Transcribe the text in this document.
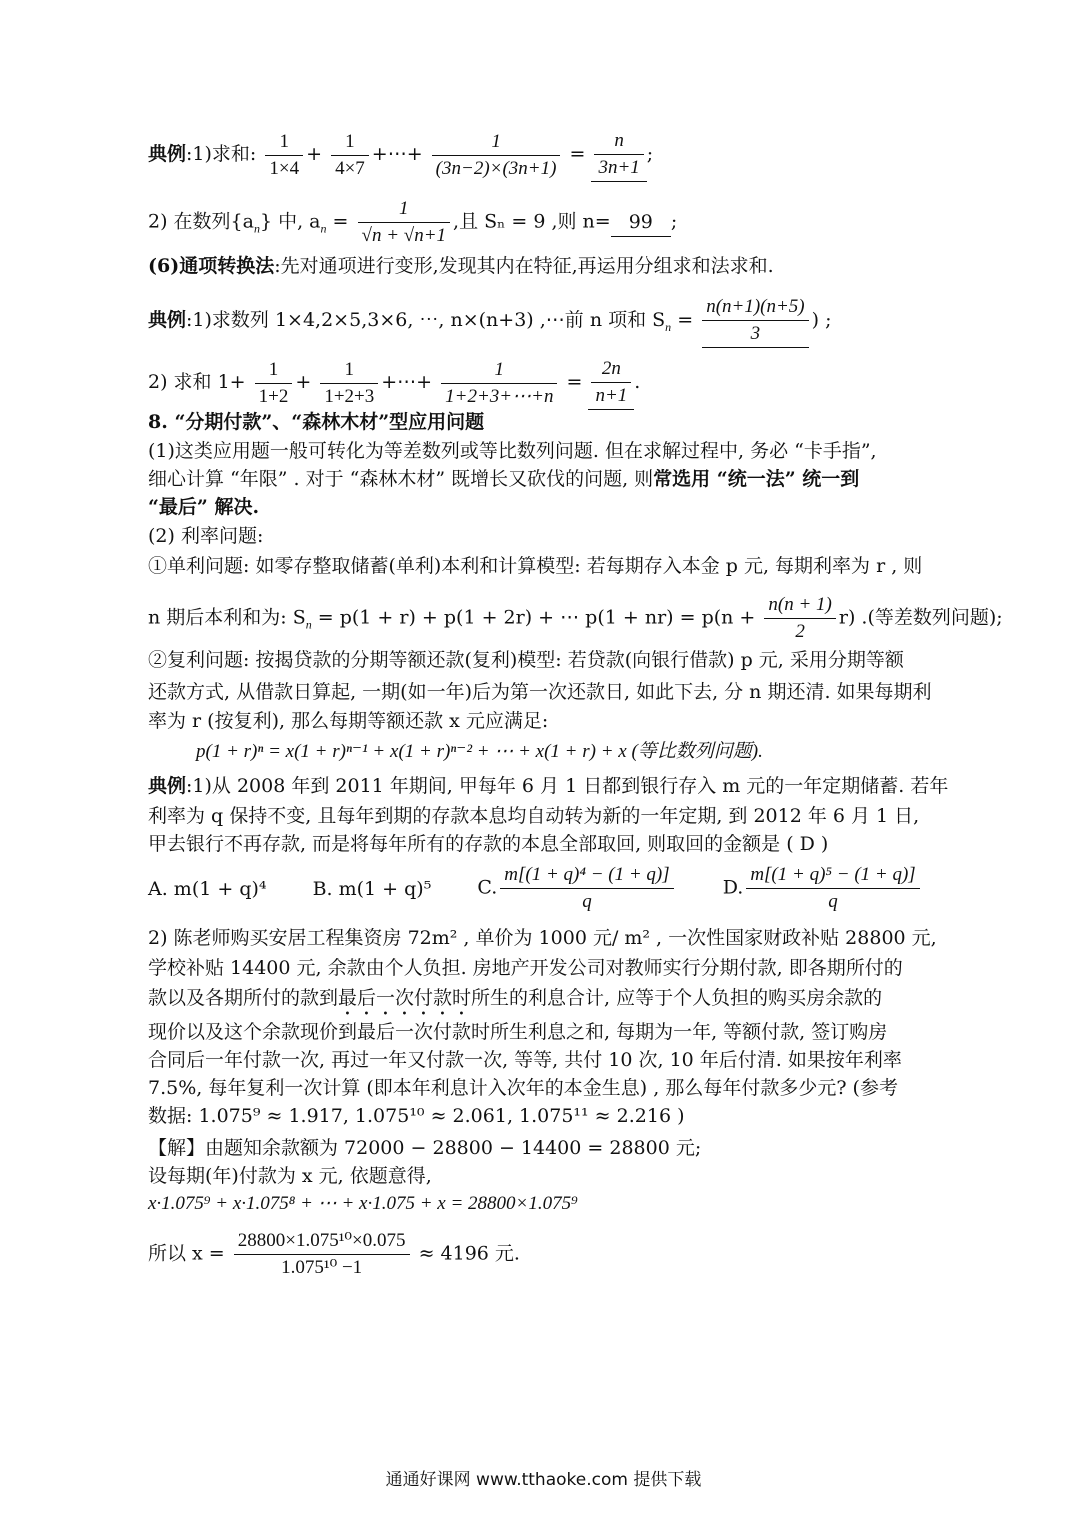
典例:1)求和: $\frac{1}{1\times 4} + \frac{1}{4\times 7}$ +⋯+ $\frac{1}{(3n-2)\times(3n+1)} = \frac{n}{3n+1}$ ;
2) 在数列$\{a_n\}$ 中, $a_n = \frac{1}{√n + √n+1}$ ,且 Sₙ = 9 ,则 n= 99 ;
(6)通项转换法:先对通项进行变形,发现其内在特征,再运用分组求和法求和.
典例:1)求数列 1×4,2×5,3×6, ⋯, n×(n+3) ,⋯前 n 项和 $S_n = \frac{n(n+1)(n+5)}{3}$ ) ;
2) 求和 $1+ \frac{1}{1+2} + \frac{1}{1+2+3}$ +⋯+ $\frac{1}{1+2+3+\cdots+n} = \frac{2n}{n+1}$ .
8. “分期付款”、“森林木材”型应用问题
(1)这类应用题一般可转化为等差数列或等比数列问题. 但在求解过程中, 务必 “卡手指”,
细心计算 “年限” . 对于 “森林木材” 既增长又砍伐的问题, 则常选用 “统一法” 统一到
“最后” 解决.
(2) 利率问题:
①单利问题: 如零存整取储蓄(单利)本利和计算模型: 若每期存入本金 p 元, 每期利率为 r , 则
n 期后本利和为: $S_n = p(1 + r) + p(1 + 2r)$ + ⋯ $p(1 + nr) = p(n + \frac{n(n + 1)}{2} r)$ .(等差数列问题);
②复利问题: 按揭贷款的分期等额还款(复利)模型: 若贷款(向银行借款) p 元, 采用分期等额
还款方式, 从借款日算起, 一期(如一年)后为第一次还款日, 如此下去, 分 n 期还清. 如果每期利
率为 r (按复利), 那么每期等额还款 x 元应满足:
p(1 + r)ⁿ = x(1 + r)ⁿ⁻¹ + x(1 + r)ⁿ⁻² + ⋯ + x(1 + r) + x (等比数列问题).
典例:1)从 2008 年到 2011 年期间, 甲每年 6 月 1 日都到银行存入 m 元的一年定期储蓄. 若年
利率为 q 保持不变, 且每年到期的存款本息均自动转为新的一年定期, 到 2012 年 6 月 1 日,
甲去银行不再存款, 而是将每年所有的存款的本息全部取回, 则取回的金额是 ( D )
A. m(1 + q)⁴ B. m(1 + q)⁵ C. $\frac{\text{m[(1 + q)⁴ − (1 + q)]}}{q}$	D. $\frac{\text{m[(1 + q)⁵ − (1 + q)]}}{q}$
2) 陈老师购买安居工程集资房 72m² , 单价为 1000 元/ m² , 一次性国家财政补贴 28800 元,
学校补贴 14400 元, 余款由个人负担. 房地产开发公司对教师实行分期付款, 即各期所付的
款以及各期所付的款到最后一次付款时所生的利息合计, 应等于个人负担的购买房余款的
现价以及这个余款现价到最后一次付款时所生利息之和, 每期为一年, 等额付款, 签订购房
合同后一年付款一次, 再过一年又付款一次, 等等, 共付 10 次, 10 年后付清. 如果按年利率
7.5%, 每年复利一次计算 (即本年利息计入次年的本金生息) , 那么每年付款多少元? (参考
数据: 1.075⁹ ≈ 1.917, 1.075¹⁰ ≈ 2.061, 1.075¹¹ ≈ 2.216 )
【解】由题知余款额为 72000 − 28800 − 14400 = 28800 元;
设每期(年)付款为 x 元, 依题意得,
x·1.075⁹ + x·1.075⁸ + ⋯ + x·1.075 + x = 28800×1.075⁹
所以 $x = \frac{\text{28800×1.075¹⁰×0.075}}{\text{1.075¹⁰ −1}} \approx 4196$ 元.
通通好课网 www.tthaoke.com 提供下载
